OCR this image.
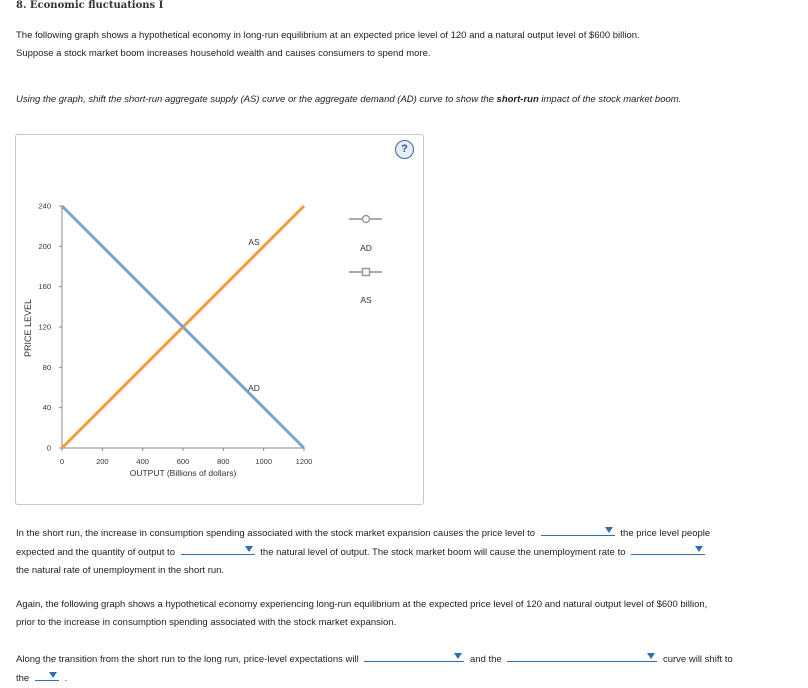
8. Economic fluctuations I
The following graph shows a hypothetical economy in long-run equilibrium at an expected price level of 120 and a natural output level of $600 billion.
Suppose a stock market boom increases household wealth and causes consumers to spend more.
Using the graph, shift the short-run aggregate supply (AS) curve or the aggregate demand (AD) curve to show the short-run impact of the stock market boom.
?
PRICE LEVEL
OUTPUT (Billions of dollars)
0	200	400	600	800	1000	1200
0
40
80
120
160
200
240
AS
AD
AD
AS
In the short run, the increase in consumption spending associated with the stock market expansion causes the price level to	the price level people expected and the quantity of output to	the natural level of output. The stock market boom will cause the unemployment rate to
the natural rate of unemployment in the short run.
Again, the following graph shows a hypothetical economy experiencing long-run equilibrium at the expected price level of 120 and natural output level of $600 billion, prior to the increase in consumption spending associated with the stock market expansion.
Along the transition from the short run to the long run, price-level expectations will	and the	curve will shift to the	.
